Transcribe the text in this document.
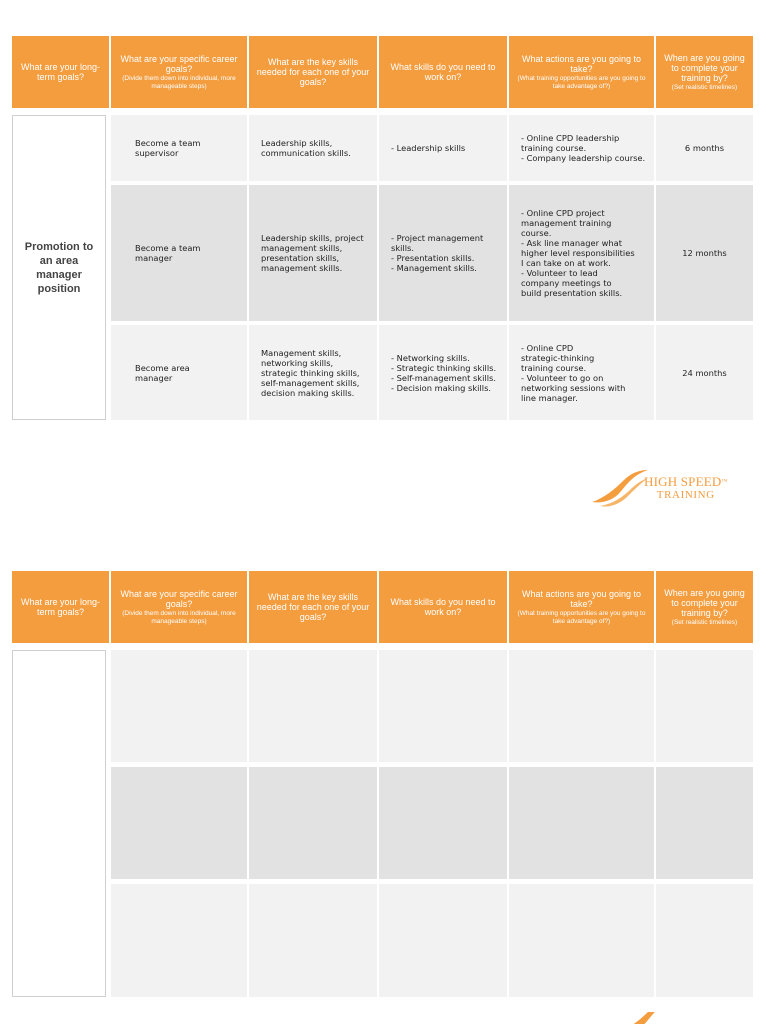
What are your long-term goals?
What are your specific career goals?
(Divide them down into individual, more manageable steps)
What are the key skills needed for each one of your goals?
What skills do you need to work on?
What actions are you going to take?
(What training opportunities are you going to take advantage of?)
When are you going to complete your training by?
(Set realistic timelines)
Promotion to an area manager position
Become a team supervisor
Leadership skills,
communication skills.	- Leadership skills
- Online CPD leadership
training course.
- Company leadership course.
6 months
Become a team
manager
Leadership skills, project
management skills,
presentation skills,
management skills.
- Project management
skills.
- Presentation skills.
- Management skills.
- Online CPD project
management training
course.
- Ask line manager what
higher level responsibilities
I can take on at work.
- Volunteer to lead
company meetings to
build presentation skills.
12 months
Become area
manager
Management skills,
networking skills,
strategic thinking skills,
self-management skills,
decision making skills.
- Networking skills.
- Strategic thinking skills.
- Self-management skills.
- Decision making skills.
- Online CPD
strategic-thinking
training course.
- Volunteer to go on
networking sessions with
line manager.
24 months
HIGH SPEED™
TRAINING
What are your long-term goals?
What are your specific career goals?
(Divide them down into individual, more manageable steps)
What are the key skills needed for each one of your goals?
What skills do you need to work on?
What actions are you going to take?
(What training opportunities are you going to take advantage of?)
When are you going to complete your training by?
(Set realistic timelines)
